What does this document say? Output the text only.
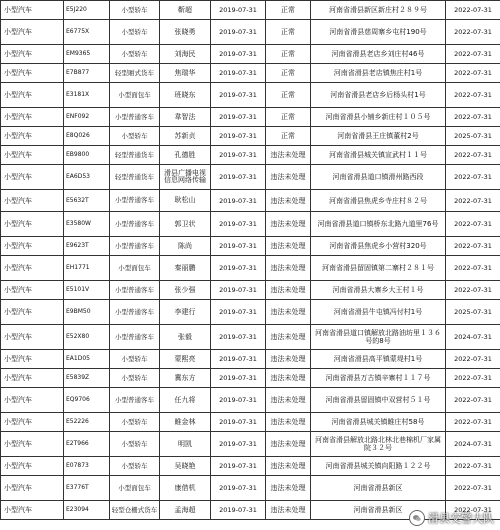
小型汽车	E5J220	小型轿车	靳超	2019-07-31	正常	河南省滑县新区新庄村２８９号	2022-07-31
小型汽车	E6775X	小型轿车	张晓勇	2019-07-31	正常	河南省滑县慈周寨乡屯村190号	2022-07-31
小型汽车	EM9365	小型轿车	刘海民	2019-07-31	正常	河南省滑县老店乡刘庄村46号	2022-07-31
小型汽车	E7B877	轻型厢式货车	焦瑞华	2019-07-31	正常	河南省滑县老店镇焦庄村1号	2022-07-31
小型汽车	E3181X	小型面包车	班晓东	2019-07-31	正常	河南省滑县老店乡后杨头村1号	2022-07-31
小型汽车	ENF092	小型普通客车	韋智法	2019-07-31	正常	河南省滑县小铺乡新庄村１０５号	2022-07-31
小型汽车	E8Q026	小型轿车	苏新贞	2019-07-31	正常	河南省滑县王庄镇董村2号	2025-07-31
小型汽车	EB9800	轻型普通货车	孔德胜	2019-07-31	违法未处理	河南省滑县城关镇宣武村１１号	2022-07-31
小型汽车	EA6D53	轻型普通货车	滑县广播电视信息网络传输	2019-07-31	违法未处理	河南省滑县道口镇滑州路西段	2022-07-31
小型汽车	E5632T	小型普通客车	耿松山	2019-07-31	违法未处理	河南省滑县焦虎乡寺庄村８２号	2022-07-31
小型汽车	E3580W	小型普通客车	郭卫状	2019-07-31	违法未处理	河南省滑县道口镇桥东北路九道里76号	2022-07-31
小型汽车	E9623T	小型普通客车	陈尚	2019-07-31	违法未处理	河南省滑县焦虎乡小营村320号	2022-07-31
小型汽车	EH1771	小型面包车	秦丽鹏	2019-07-31	违法未处理	河南省滑县留固镇第二寨村２８１号	2022-07-31
小型汽车	E5101V	小型普通客车	张少强	2019-07-31	违法未处理	河南省滑县大寨乡大王村１号	2022-07-31
小型汽车	E9BM50	小型普通客车	李建行	2019-07-31	违法未处理	河南省滑县牛屯镇冯付村1号	2025-07-31
小型汽车	E52X80	小型普通客车	张毅	2019-07-31	违法未处理	河南省滑县道口镇解放北路油坊里１３６号的8号	2024-07-31
小型汽车	EA1D05	小型轿车	蒙熙亮	2019-07-31	违法未处理	河南省滑县高平镇蒙堤村1号	2022-07-31
小型汽车	E5839Z	小型轿车	冀东方	2019-07-31	违法未处理	河南省滑县万古镇辛寨村１１７号	2022-07-31
小型汽车	EQ9706	小型普通客车	任九将	2019-07-31	违法未处理	河南省滑县留固镇中双营村５１号	2022-07-31
小型汽车	E52226	小型轿车	睢金林	2019-07-31	违法未处理	河南省滑县城关镇睢庄村58号	2022-07-31
小型汽车	E2T966	小型轿车	明凯	2019-07-31	违法未处理	河南省滑县解放北路北林北巷棉机厂家属院３２号	2024-07-31
小型汽车	E07873	小型轿车	吴晓艳	2019-07-31	违法未处理	河南省滑县城关镇向阳路１２２号	2022-07-31
小型汽车	E3776T	小型面包车	康借机	2019-07-31	违法未处理	河南省滑县新区	2022-07-31
小型汽车	E23094	轻型仓栅式货车	孟海超	2019-07-31	违法未处理	河南省滑县新区	2022-07-31
滑县交警大队
